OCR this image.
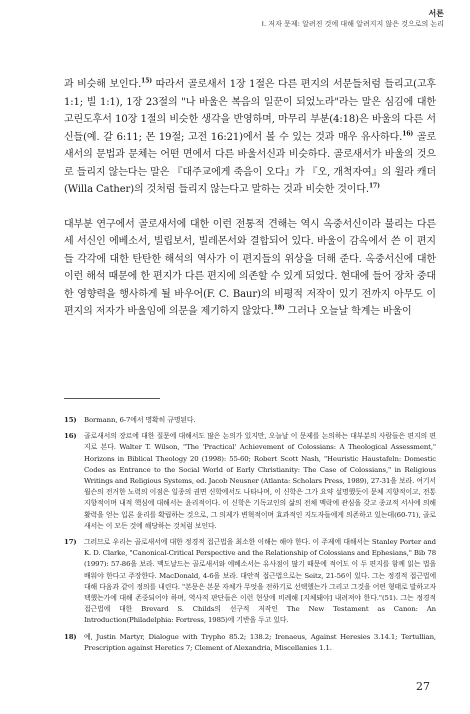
서론
I. 저자 문제: 알려진 것에 대해 알려지지 않은 것으로의 논리

과 비슷해 보인다.$^{15)}$ 따라서 골로새서 1장 1절은 다른 편지의 서문들처럼 들리고(고후 1:1; 빌 1:1), 1장 23절의 "나 바울은 복음의 일꾼이 되었노라"라는 말은 심김에 대한 고린도후서 10장 1절의 비슷한 생각을 반영하며, 마무리 부분(4:18)은 바울의 다른 서신들(예. 갈 6:11; 몬 19절; 고전 16:21)에서 볼 수 있는 것과 매우 유사하다.$^{16)}$ 골로새서의 문법과 문체는 어떤 면에서 다른 바울서신과 비슷하다. 골로새서가 바울의 것으로 들리지 않는다는 말은 『대주교에게 죽음이 오다』가 『오, 개척자여』의 윌라 캐더(Willa Cather)의 것처럼 들리지 않는다고 말하는 것과 비슷한 것이다.$^{17)}$

대부분 연구에서 골로새서에 대한 이런 전통적 견해는 역시 옥중서신이라 불리는 다른 세 서신인 에베소서, 빌립보서, 빌레몬서와 결합되어 있다. 바울이 감옥에서 쓴 이 편지들 각각에 대한 탄탄한 해석의 역사가 이 편지들의 위상을 더해 준다. 옥중서신에 대한 이런 해석 때문에 한 편지가 다른 편지에 의존할 수 있게 되었다. 현대에 들어 장차 중대한 영향력을 행사하게 될 바우어(F. C. Baur)의 비평적 저작이 있기 전까지 아무도 이 편지의 저자가 바울임에 의문을 제기하지 않았다.$^{18)}$ 그러나 오늘날 학계는 바울이

15)	Bormann, 6-7에서 명확히 규명된다.
16)	골로새서의 장르에 대한 질문에 대해서도 많은 논의가 있지만, 오늘날 이 문제를 논의하는 대부분의 사람들은 편지의 편지로 본다. Walter T. Wilson, "The 'Practical' Achievement of Colossians: A Theological Assessment," Horizons in Biblical Theology 20 (1998): 55-60; Robert Scott Nash, "Heuristic Haustafeln: Domestic Codes as Entrance to the Social World of Early Christianity: The Case of Colossians," in Religious Writings and Religious Systems, ed. Jacob Neusner (Atlanta: Scholars Press, 1989), 27-31을 보라. 여기서 윌슨의 전거한 노력의 이점은 일종의 권면 신학에서도 나타나며, 이 신학은 그가 요약 설명했듯이 문체 지향적이고, 전통 지향적이며 내적 핵심에 대해서는 윤리적이다. 이 신학은 기독교인의 삶의 전체 맥락에 관심을 갖고 종교적 서사에 의해 활력을 얻는 입론 윤리를 확립하는 것으로, 그 의제가 변혁적이며 효과적인 지도자들에게 의존하고 있는데(60-71), 골로새서는 이 모든 것에 해당하는 것처럼 보인다.
17)	그러므로 우리는 골로새서에 대한 정경적 접근법을 최소한 이해는 해야 한다. 이 주제에 대해서는 Stanley Porter and K. D. Clarke, "Canonical-Critical Perspective and the Relationship of Colossians and Ephesians," Bib 78 (1997): 57-86을 보라. 맥도날드는 골로새서와 에베소서는 유사점이 많기 때문에 적어도 이 두 편지를 함께 읽는 법을 배워야 한다고 주장한다. MacDonald, 4-6을 보라. 대안적 접근법으로는 Seitz, 21-56이 있다. 그는 정경적 접근법에 대해 다음과 같이 정의를 내린다. "본문은 본문 자체가 무엇을 전하기로 선택했는가 그리고 그것을 어떤 형태로 말하고자 택했는가에 대해 존중되어야 하며, 역사적 판단들은 이런 현상에 비례해 [지체돼야] 내려져야 한다."(51). 그는 정경적 접근법에 대한 Brevard S. Childs의 선구적 저작인 The New Testament as Canon: An Introduction(Philadelphia: Fortress, 1985)에 기반을 두고 있다.
18)	예, Justin Martyr, Dialogue with Trypho 85.2; 138.2; Irenaeus, Against Heresies 3.14.1; Tertullian, Prescription against Heretics 7; Clement of Alexandria, Miscellanies 1.1.
27
